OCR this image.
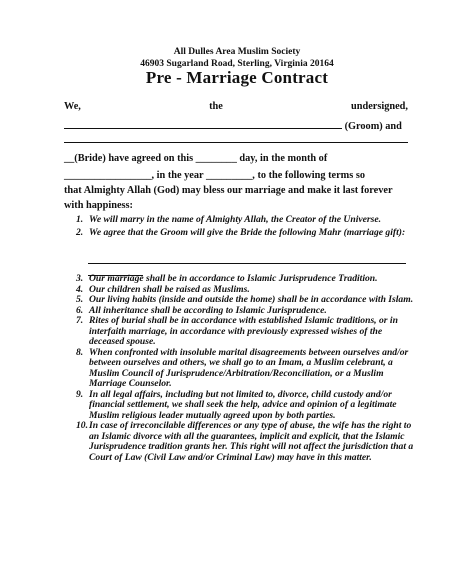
All Dulles Area Muslim Society
46903 Sugarland Road, Sterling, Virginia 20164
Pre - Marriage Contract
We,	the	undersigned,
(Groom) and
__(Bride) have agreed on this ________ day, in the month of
_________________, in the year _________, to the following terms so
that Almighty Allah (God) may bless our marriage and make it last forever
with happiness:
1. We will marry in the name of Almighty Allah, the Creator of the Universe.
2. We agree that the Groom will give the Bride the following Mahr (marriage gift):
3. Our marriage shall be in accordance to Islamic Jurisprudence Tradition.
4. Our children shall be raised as Muslims.
5. Our living habits (inside and outside the home) shall be in accordance with Islam.
6. All inheritance shall be according to Islamic Jurisprudence.
7. Rites of burial shall be in accordance with established Islamic traditions, or in interfaith marriage, in accordance with previously expressed wishes of the deceased spouse.
8. When confronted with insoluble marital disagreements between ourselves and/or between ourselves and others, we shall go to an Imam, a Muslim celebrant, a Muslim Council of Jurisprudence/Arbitration/Reconciliation, or a Muslim Marriage Counselor.
9. In all legal affairs, including but not limited to, divorce, child custody and/or financial settlement, we shall seek the help, advice and opinion of a legitimate Muslim religious leader mutually agreed upon by both parties.
10. In case of irreconcilable differences or any type of abuse, the wife has the right to an Islamic divorce with all the guarantees, implicit and explicit, that the Islamic Jurisprudence tradition grants her. This right will not affect the jurisdiction that a Court of Law (Civil Law and/or Criminal Law) may have in this matter.
